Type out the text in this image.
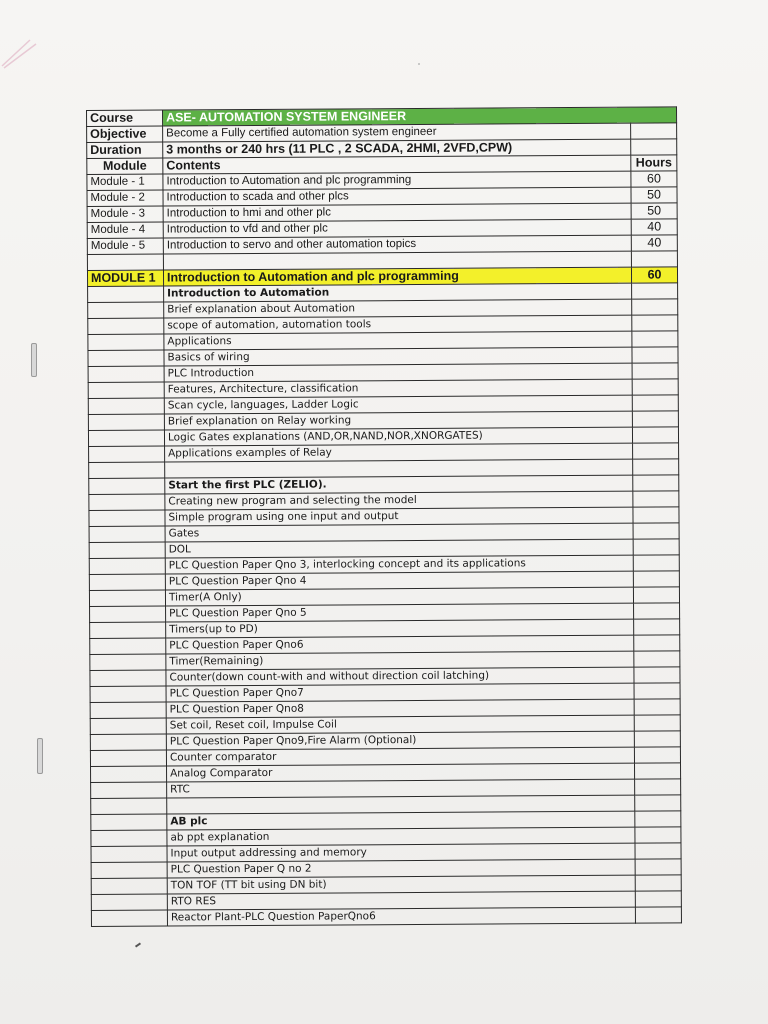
Course	ASE- AUTOMATION SYSTEM ENGINEER	
Objective	Become a Fully certified automation system engineer	
Duration	3 months or 240 hrs (11 PLC , 2 SCADA, 2HMI, 2VFD,CPW)	
Module	Contents	Hours
Module - 1	Introduction to Automation and plc programming	60
Module - 2	Introduction to scada and other plcs	50
Module - 3	Introduction to hmi and other plc	50
Module - 4	Introduction to vfd and other plc	40
Module - 5	Introduction to servo and other automation topics	40

MODULE 1	Introduction to Automation and plc programming	60
	Introduction to Automation	
	Brief explanation about Automation	
	scope of automation, automation tools	
	Applications	
	Basics of wiring	
	PLC Introduction	
	Features, Architecture, classification	
	Scan cycle, languages, Ladder Logic	
	Brief explanation on Relay working	
	Logic Gates explanations (AND,OR,NAND,NOR,XNORGATES)	
	Applications examples of Relay	

	Start the first PLC (ZELIO).	
	Creating new program and selecting the model	
	Simple program using one input and output	
	Gates	
	DOL	
	PLC Question Paper Qno 3, interlocking concept and its applications	
	PLC Question Paper Qno 4	
	Timer(A Only)	
	PLC Question Paper Qno 5	
	Timers(up to PD)	
	PLC Question Paper Qno6	
	Timer(Remaining)	
	Counter(down count-with and without direction coil latching)	
	PLC Question Paper Qno7	
	PLC Question Paper Qno8	
	Set coil, Reset coil, Impulse Coil	
	PLC Question Paper Qno9,Fire Alarm (Optional)	
	Counter comparator	
	Analog Comparator	
	RTC	

	AB plc	
	ab ppt explanation	
	Input output addressing and memory	
	PLC Question Paper Q no 2	
	TON TOF (TT bit using DN bit)	
	RTO RES	
	Reactor Plant-PLC Question PaperQno6	
